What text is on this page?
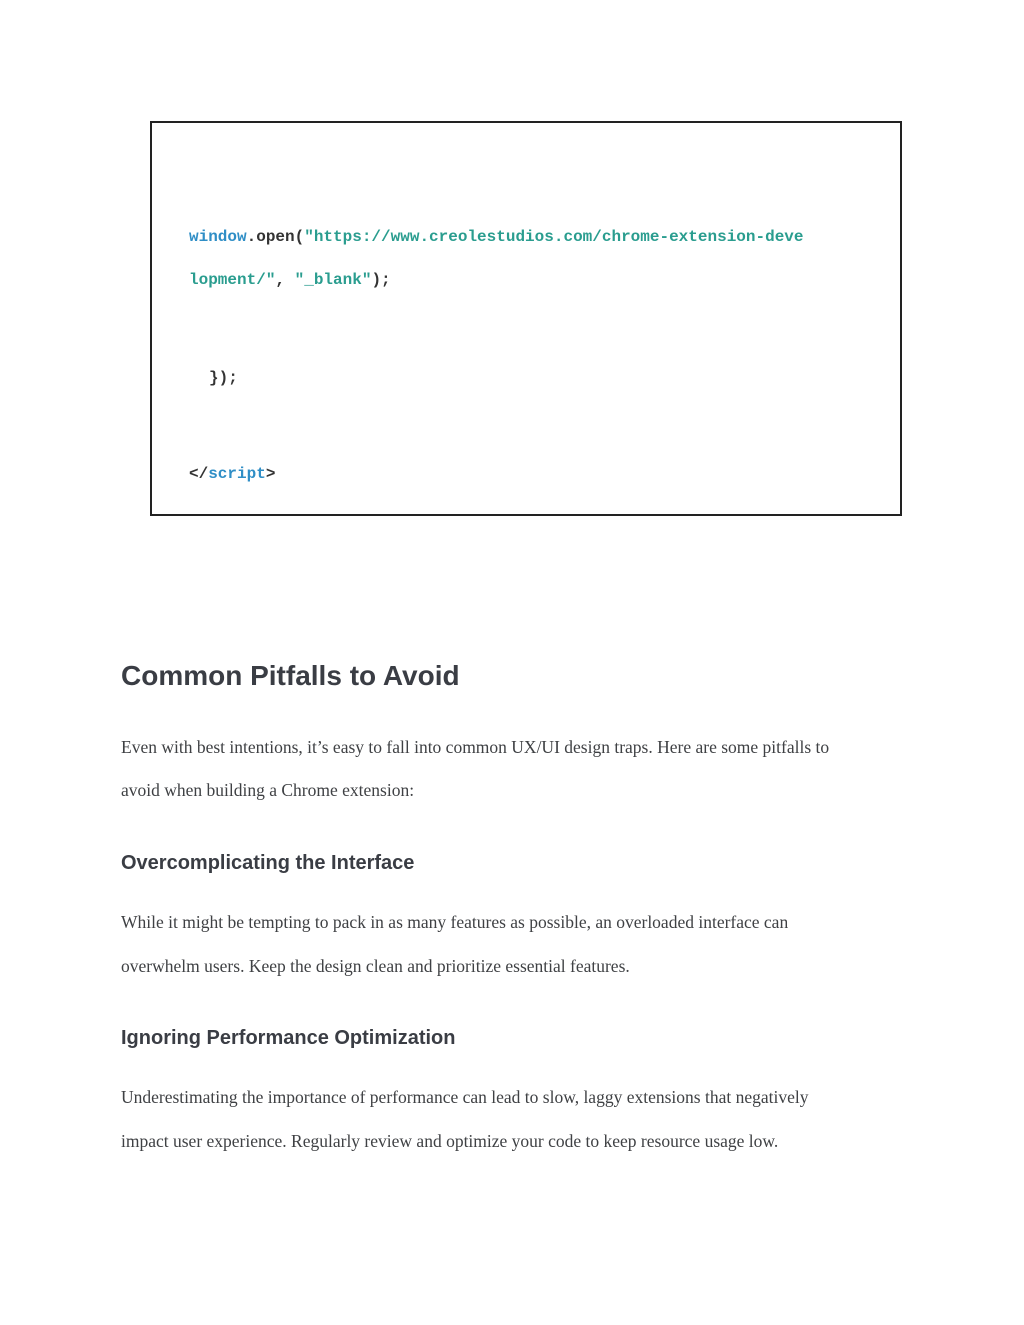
window.open("https://www.creolestudios.com/chrome-extension-deve
lopment/", "_blank");
});
</script>
Common Pitfalls to Avoid

Even with best intentions, it’s easy to fall into common UX/UI design traps. Here are some pitfalls to

avoid when building a Chrome extension:

Overcomplicating the Interface

While it might be tempting to pack in as many features as possible, an overloaded interface can

overwhelm users. Keep the design clean and prioritize essential features.

Ignoring Performance Optimization

Underestimating the importance of performance can lead to slow, laggy extensions that negatively

impact user experience. Regularly review and optimize your code to keep resource usage low.
